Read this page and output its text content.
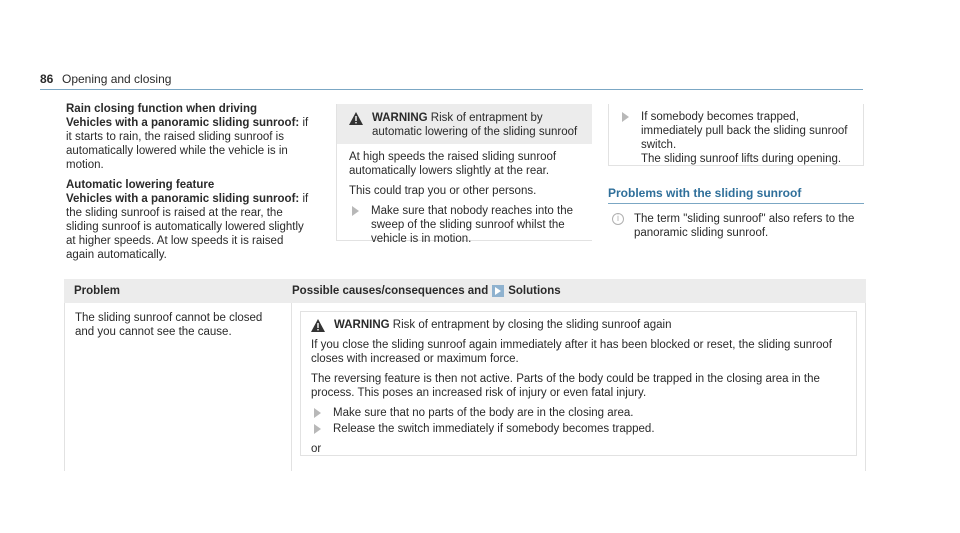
86 Opening and closing

Rain closing function when driving
Vehicles with a panoramic sliding sunroof: if it starts to rain, the raised sliding sunroof is automatically lowered while the vehicle is in motion.

Automatic lowering feature
Vehicles with a panoramic sliding sunroof: if the sliding sunroof is raised at the rear, the sliding sunroof is automatically lowered slightly at higher speeds. At low speeds it is raised again automatically.

WARNING Risk of entrapment by automatic lowering of the sliding sunroof

At high speeds the raised sliding sunroof automatically lowers slightly at the rear.

This could trap you or other persons.

Make sure that nobody reaches into the sweep of the sliding sunroof whilst the vehicle is in motion.
If somebody becomes trapped, immediately pull back the sliding sunroof switch.
The sliding sunroof lifts during opening.
Problems with the sliding sunroof
i	The term "sliding sunroof" also refers to the panoramic sliding sunroof.
Problem	Possible causes/consequences and Solutions
The sliding sunroof cannot be closed and you cannot see the cause.
WARNING Risk of entrapment by closing the sliding sunroof again

If you close the sliding sunroof again immediately after it has been blocked or reset, the sliding sunroof closes with increased or maximum force.

The reversing feature is then not active. Parts of the body could be trapped in the closing area in the process. This poses an increased risk of injury or even fatal injury.

Make sure that no parts of the body are in the closing area.
Release the switch immediately if somebody becomes trapped.

or
